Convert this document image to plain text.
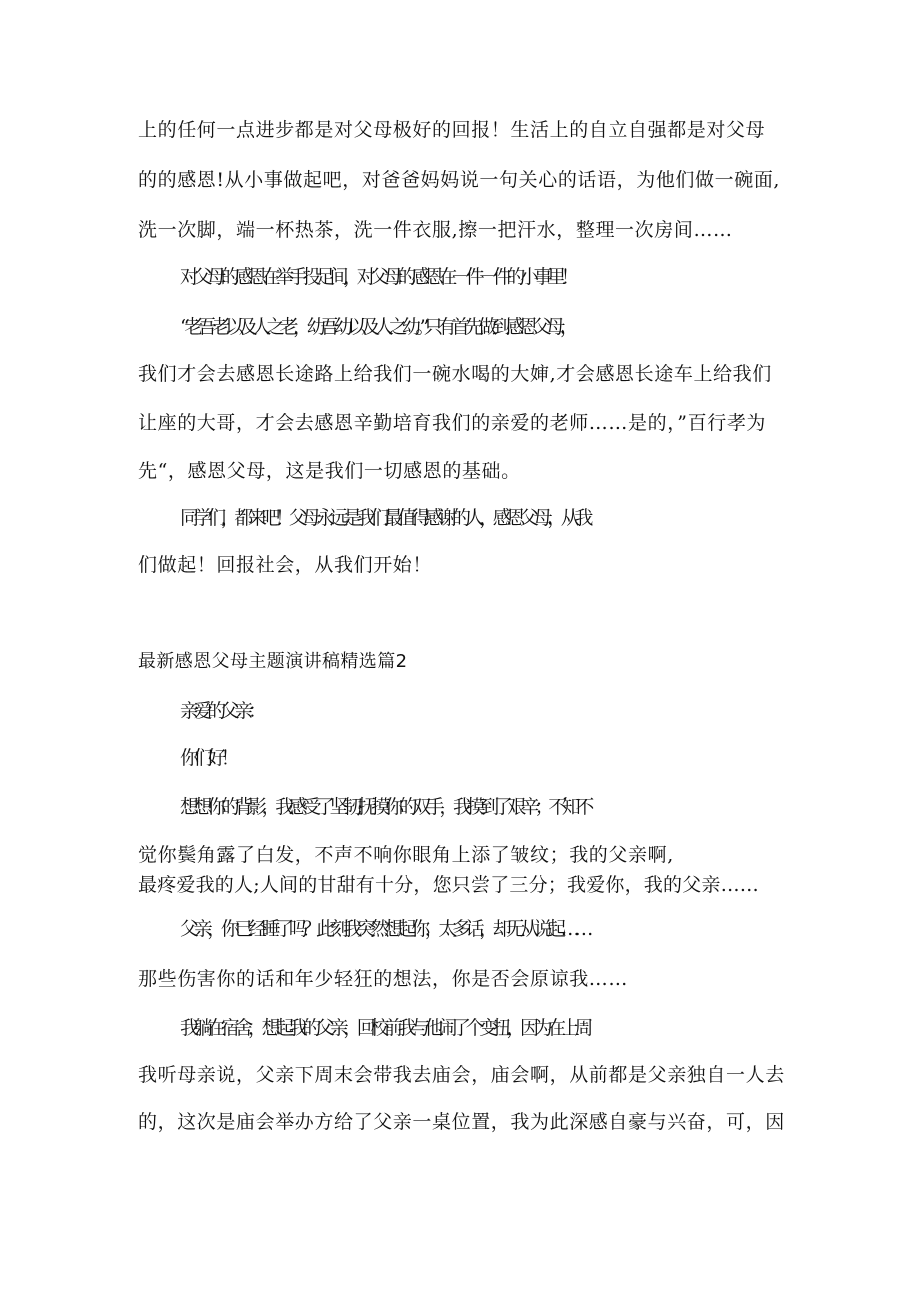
上的任何一点进步都是对父母极好的回报！生活上的自立自强都是对父母
的的感恩!从小事做起吧，对爸爸妈妈说一句关心的话语，为他们做一碗面,
洗一次脚，端一杯热茶，洗一件衣服,擦一把汗水，整理一次房间……
对父母的感恩在举手投足间，对父母的感恩在一件一件的小事里！
“老吾老以及人之老，幼吾幼以及人之幼。”只有首先做到感恩父母，
我们才会去感恩长途路上给我们一碗水喝的大婶,才会感恩长途车上给我们
让座的大哥，才会去感恩辛勤培育我们的亲爱的老师……是的，”百行孝为
先“，感恩父母，这是我们一切感恩的基础。
同学们，都来吧！父母永远是我们最值得感谢的人，感恩父母，从我
们做起！回报社会，从我们开始！
最新感恩父母主题演讲稿精选篇2
亲爱的父亲：
你们好！
想想你的背影，我感受了坚韧;抚摸你的双手，我摸到了艰辛；不知不
觉你鬓角露了白发，不声不响你眼角上添了皱纹；我的父亲啊,
最疼爱我的人;人间的甘甜有十分，您只尝了三分；我爱你，我的父亲……
父亲，你已经睡了吗？此刻我突然想起你，太多话，却无从说起……
那些伤害你的话和年少轻狂的想法，你是否会原谅我……
我躺在宿舍，想起我的父亲，回校前我与他闹了个变扭，因为在上周
我听母亲说，父亲下周末会带我去庙会，庙会啊，从前都是父亲独自一人去
的，这次是庙会举办方给了父亲一桌位置，我为此深感自豪与兴奋，可，因
